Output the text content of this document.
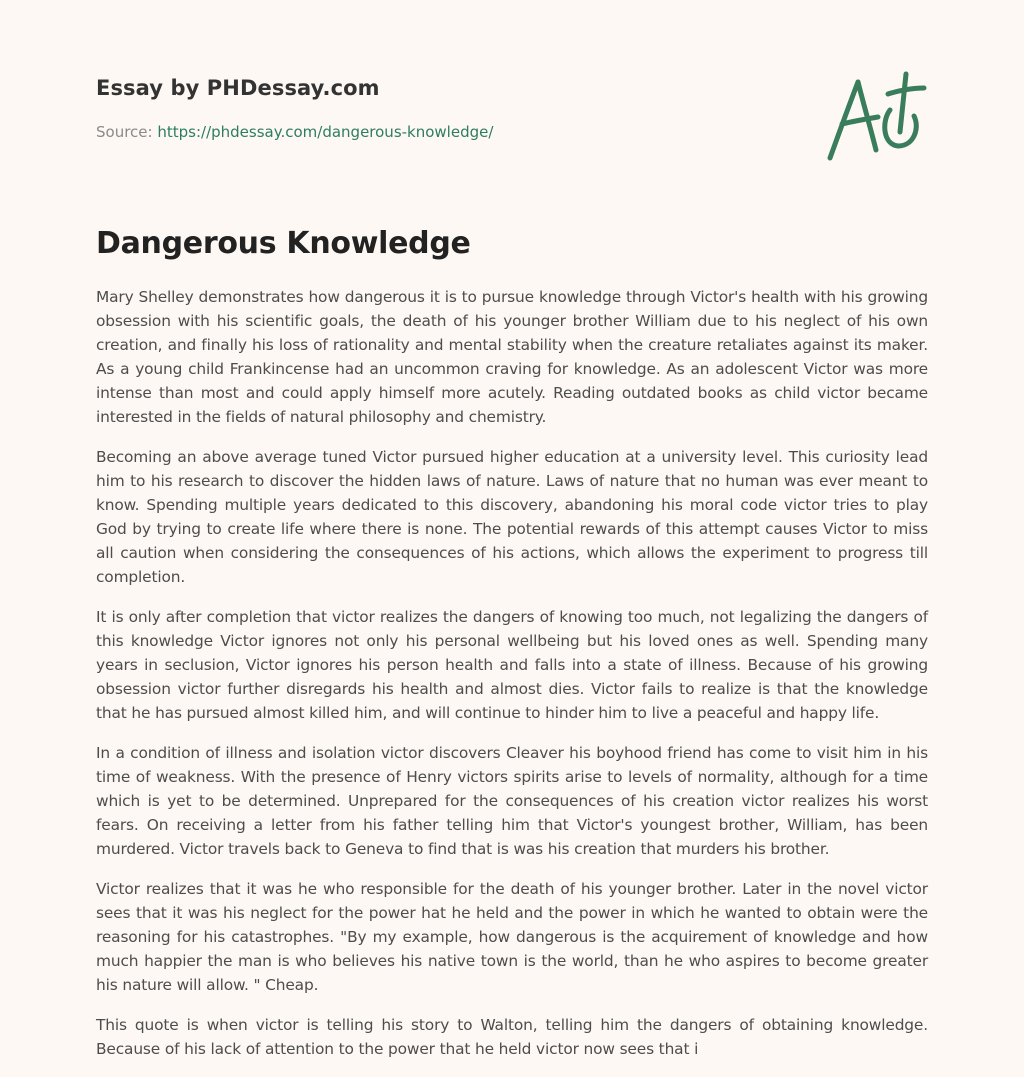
Essay by PHDessay.com
Source: https://phdessay.com/dangerous-knowledge/
Dangerous Knowledge

Mary Shelley demonstrates how dangerous it is to pursue knowledge through Victor's health with his growing obsession with his scientific goals, the death of his younger brother William due to his neglect of his own creation, and finally his loss of rationality and mental stability when the creature retaliates against its maker. As a young child Frankincense had an uncommon craving for knowledge. As an adolescent Victor was more intense than most and could apply himself more acutely. Reading outdated books as child victor became interested in the fields of natural philosophy and chemistry.

Becoming an above average tuned Victor pursued higher education at a university level. This curiosity lead him to his research to discover the hidden laws of nature. Laws of nature that no human was ever meant to know. Spending multiple years dedicated to this discovery, abandoning his moral code victor tries to play God by trying to create life where there is none. The potential rewards of this attempt causes Victor to miss all caution when considering the consequences of his actions, which allows the experiment to progress till completion.

It is only after completion that victor realizes the dangers of knowing too much, not legalizing the dangers of this knowledge Victor ignores not only his personal wellbeing but his loved ones as well. Spending many years in seclusion, Victor ignores his person health and falls into a state of illness. Because of his growing obsession victor further disregards his health and almost dies. Victor fails to realize is that the knowledge that he has pursued almost killed him, and will continue to hinder him to live a peaceful and happy life.

In a condition of illness and isolation victor discovers Cleaver his boyhood friend has come to visit him in his time of weakness. With the presence of Henry victors spirits arise to levels of normality, although for a time which is yet to be determined. Unprepared for the consequences of his creation victor realizes his worst fears. On receiving a letter from his father telling him that Victor's youngest brother, William, has been murdered. Victor travels back to Geneva to find that is was his creation that murders his brother.

Victor realizes that it was he who responsible for the death of his younger brother. Later in the novel victor sees that it was his neglect for the power hat he held and the power in which he wanted to obtain were the reasoning for his catastrophes. "By my example, how dangerous is the acquirement of knowledge and how much happier the man is who believes his native town is the world, than he who aspires to become greater his nature will allow. " Cheap.

This quote is when victor is telling his story to Walton, telling him the dangers of obtaining knowledge. Because of his lack of attention to the power that he held victor now sees that i
